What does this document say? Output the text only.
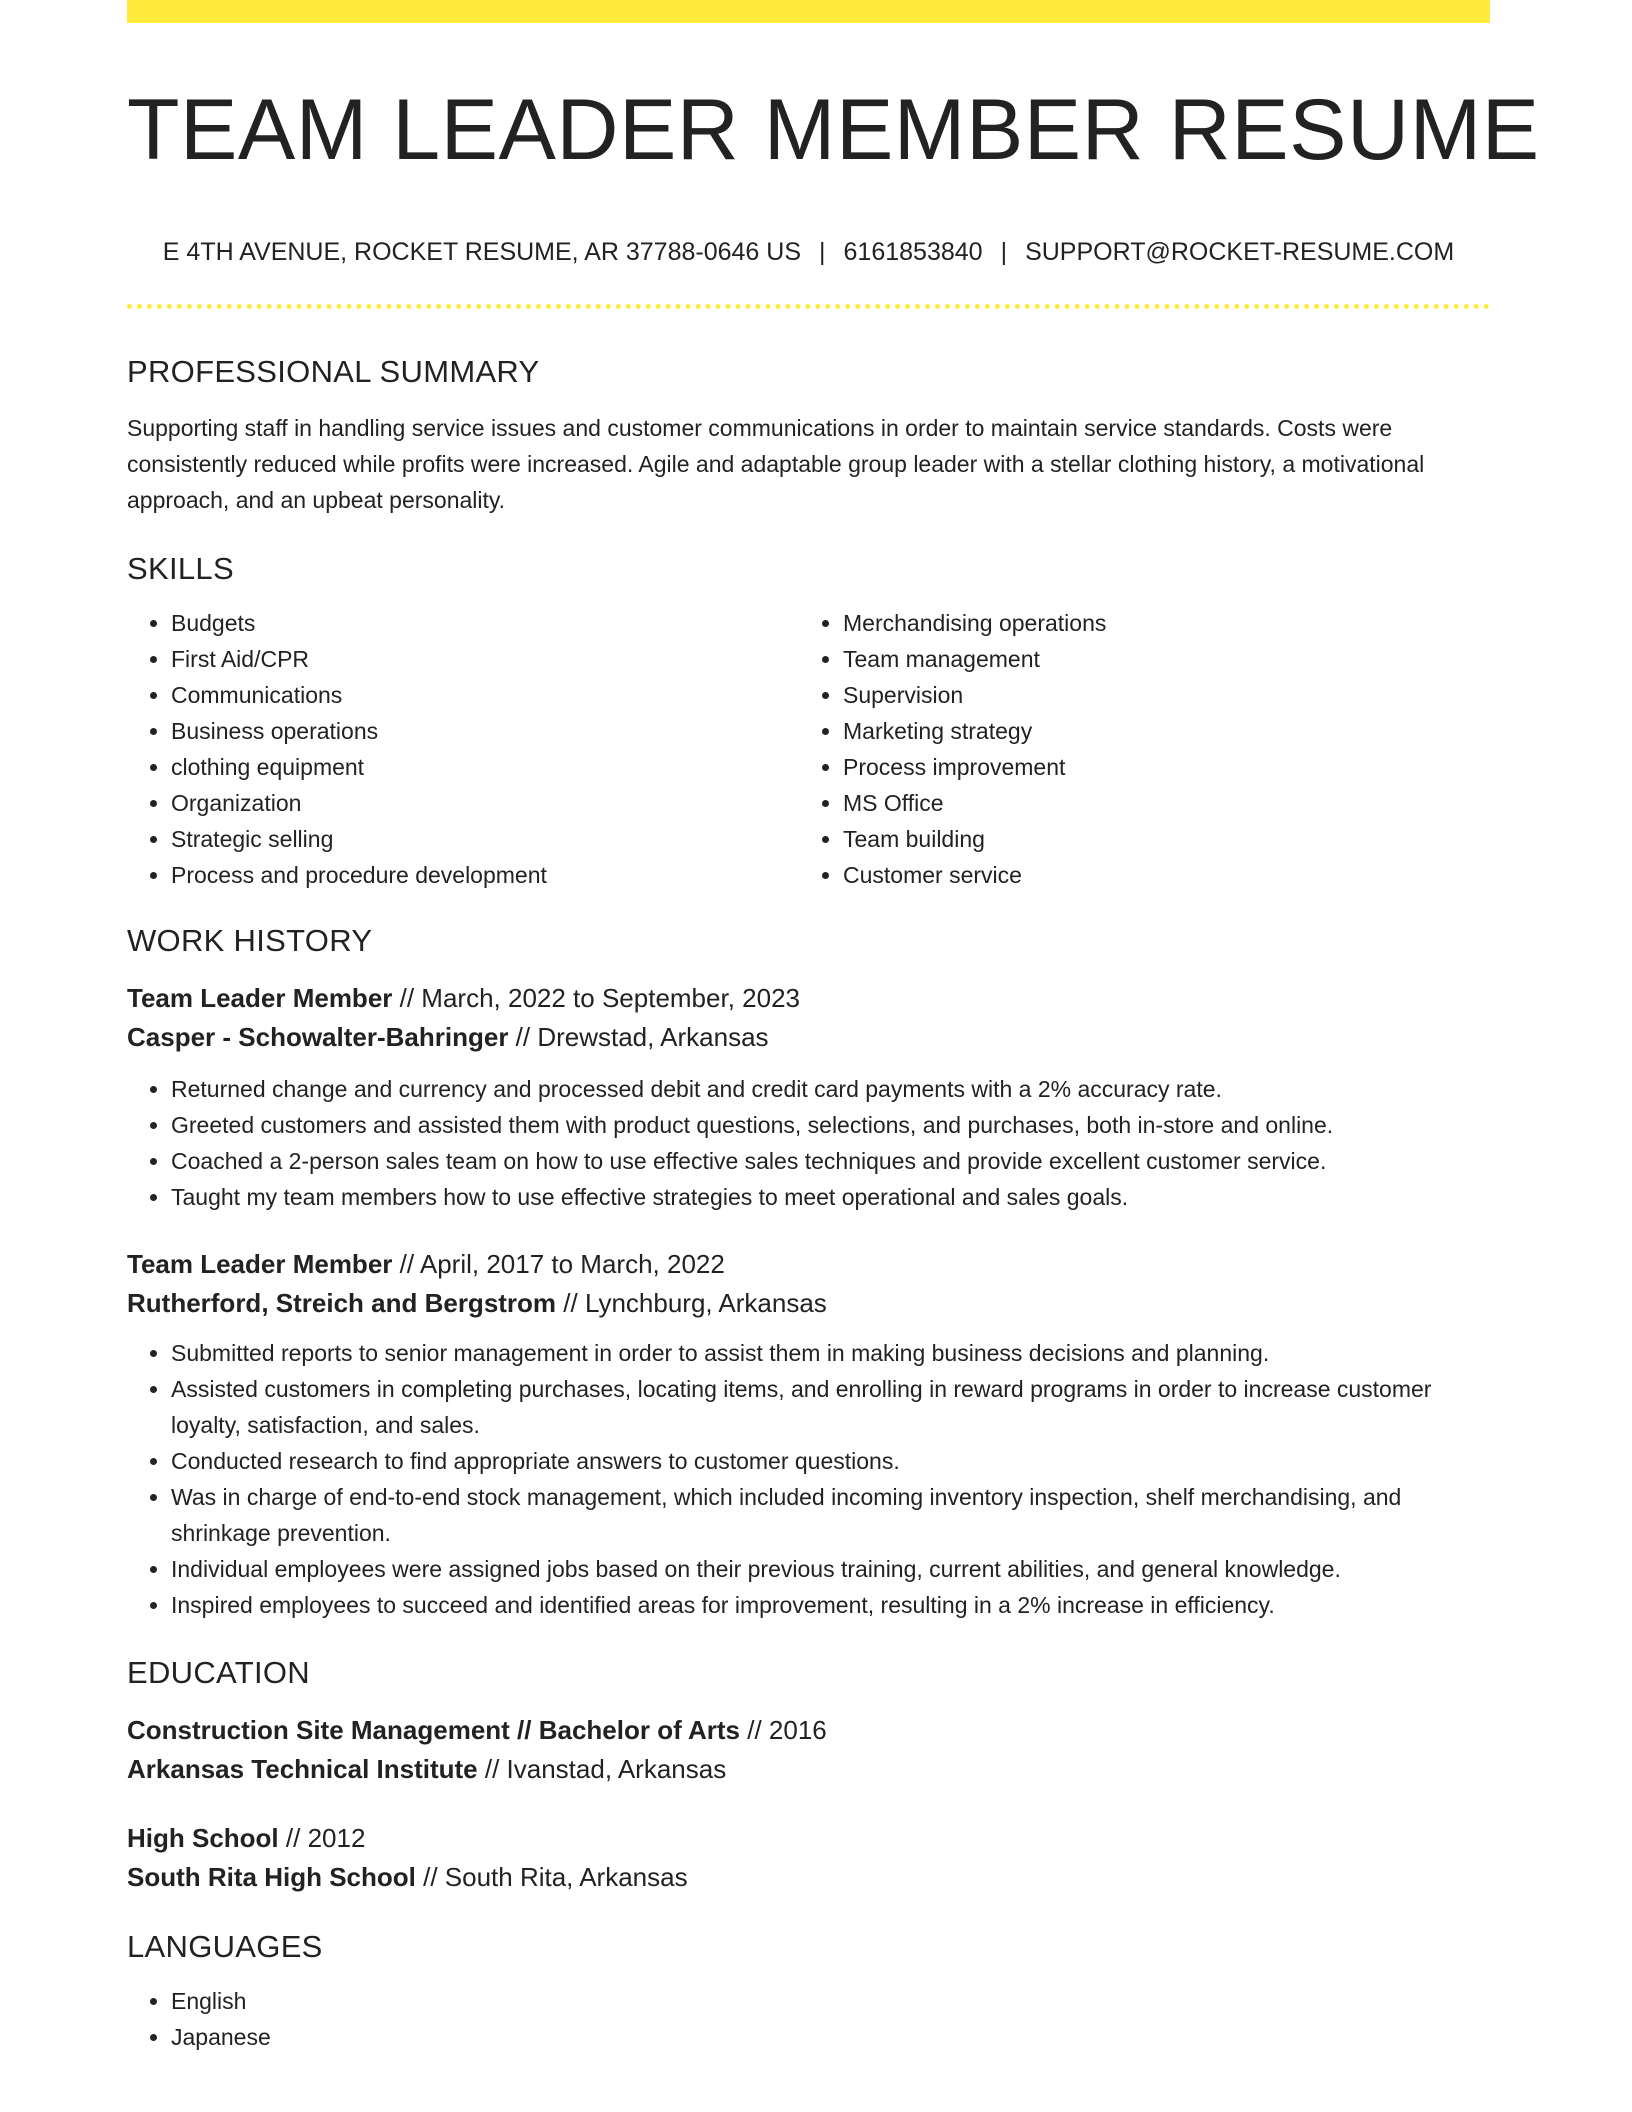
TEAM LEADER MEMBER RESUME
E 4TH AVENUE, ROCKET RESUME, AR 37788-0646 US | 6161853840 | SUPPORT@ROCKET-RESUME.COM
PROFESSIONAL SUMMARY

Supporting staff in handling service issues and customer communications in order to maintain service standards. Costs were consistently reduced while profits were increased. Agile and adaptable group leader with a stellar clothing history, a motivational approach, and an upbeat personality.

SKILLS
• Budgets
• First Aid/CPR
• Communications
• Business operations
• clothing equipment
• Organization
• Strategic selling
• Process and procedure development
• Merchandising operations
• Team management
• Supervision
• Marketing strategy
• Process improvement
• MS Office
• Team building
• Customer service
WORK HISTORY

Team Leader Member // March, 2022 to September, 2023

Casper - Schowalter-Bahringer // Drewstad, Arkansas

• Returned change and currency and processed debit and credit card payments with a 2% accuracy rate.
• Greeted customers and assisted them with product questions, selections, and purchases, both in-store and online.
• Coached a 2-person sales team on how to use effective sales techniques and provide excellent customer service.
• Taught my team members how to use effective strategies to meet operational and sales goals.

Team Leader Member // April, 2017 to March, 2022

Rutherford, Streich and Bergstrom // Lynchburg, Arkansas

• Submitted reports to senior management in order to assist them in making business decisions and planning.
• Assisted customers in completing purchases, locating items, and enrolling in reward programs in order to increase customer loyalty, satisfaction, and sales.
• Conducted research to find appropriate answers to customer questions.
• Was in charge of end-to-end stock management, which included incoming inventory inspection, shelf merchandising, and shrinkage prevention.
• Individual employees were assigned jobs based on their previous training, current abilities, and general knowledge.
• Inspired employees to succeed and identified areas for improvement, resulting in a 2% increase in efficiency.
EDUCATION

Construction Site Management // Bachelor of Arts // 2016

Arkansas Technical Institute // Ivanstad, Arkansas

High School // 2012

South Rita High School // South Rita, Arkansas

LANGUAGES
• English
• Japanese
